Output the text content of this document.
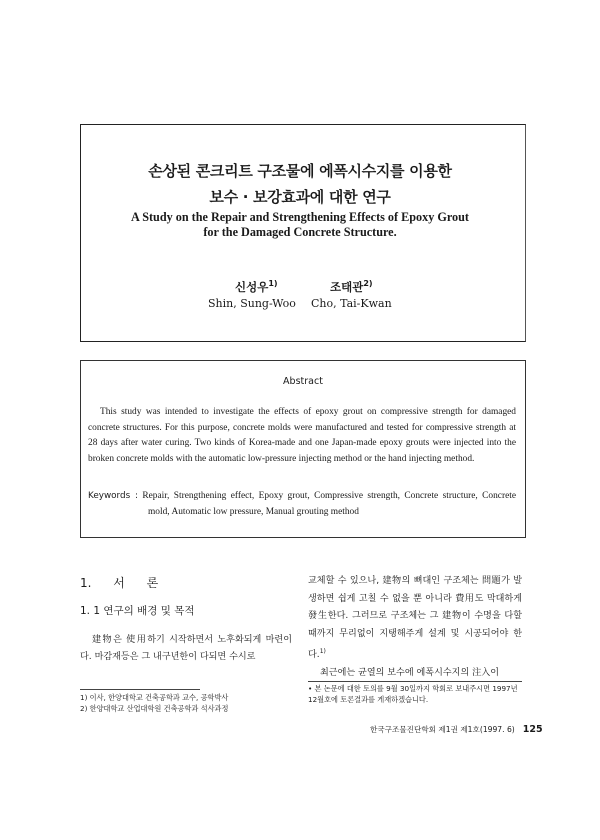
손상된 콘크리트 구조물에 에폭시수지를 이용한
보수 · 보강효과에 대한 연구
A Study on the Repair and Strengthening Effects of Epoxy Grout
for the Damaged Concrete Structure.
신성우$^{1)}$	조태관$^{2)}$
Shin, Sung-Woo Cho, Tai-Kwan
Abstract
This study was intended to investigate the effects of epoxy grout on compressive strength for damaged concrete structures. For this purpose, concrete molds were manufactured and tested for compressive strength at 28 days after water curing. Two kinds of Korea-made and one Japan-made epoxy grouts were injected into the broken concrete molds with the automatic low-pressure injecting method or the hand injecting method.
Keywords : Repair, Strengthening effect, Epoxy grout, Compressive strength, Concrete structure, Concrete mold, Automatic low pressure, Manual grouting method
1. 서 론
1. 1 연구의 배경 및 목적
建物은 使用하기 시작하면서 노후화되게 마련이다. 마감재등은 그 내구년한이 다되면 수시로

교체할 수 있으나, 建物의 뼈대인 구조체는 問題가 발생하면 쉽게 고칠 수 없을 뿐 아니라 費用도 막대하게 發生한다. 그러므로 구조체는 그 建物이 수명을 다할 때까지 무리없이 지탱해주게 설계 및 시공되어야 한다.$^{1)}$

최근에는 균열의 보수에 에폭시수지의 注入이

1) 이사, 한양대학교 건축공학과 교수, 공학박사
2) 한양대학교 산업대학원 건축공학과 석사과정
• 본 논문에 대한 토의를 9월 30일까지 학회로 보내주시면 1997년 12월호에 토론결과를 게재하겠습니다.
한국구조물진단학회 제1권 제1호(1997. 6) 125
